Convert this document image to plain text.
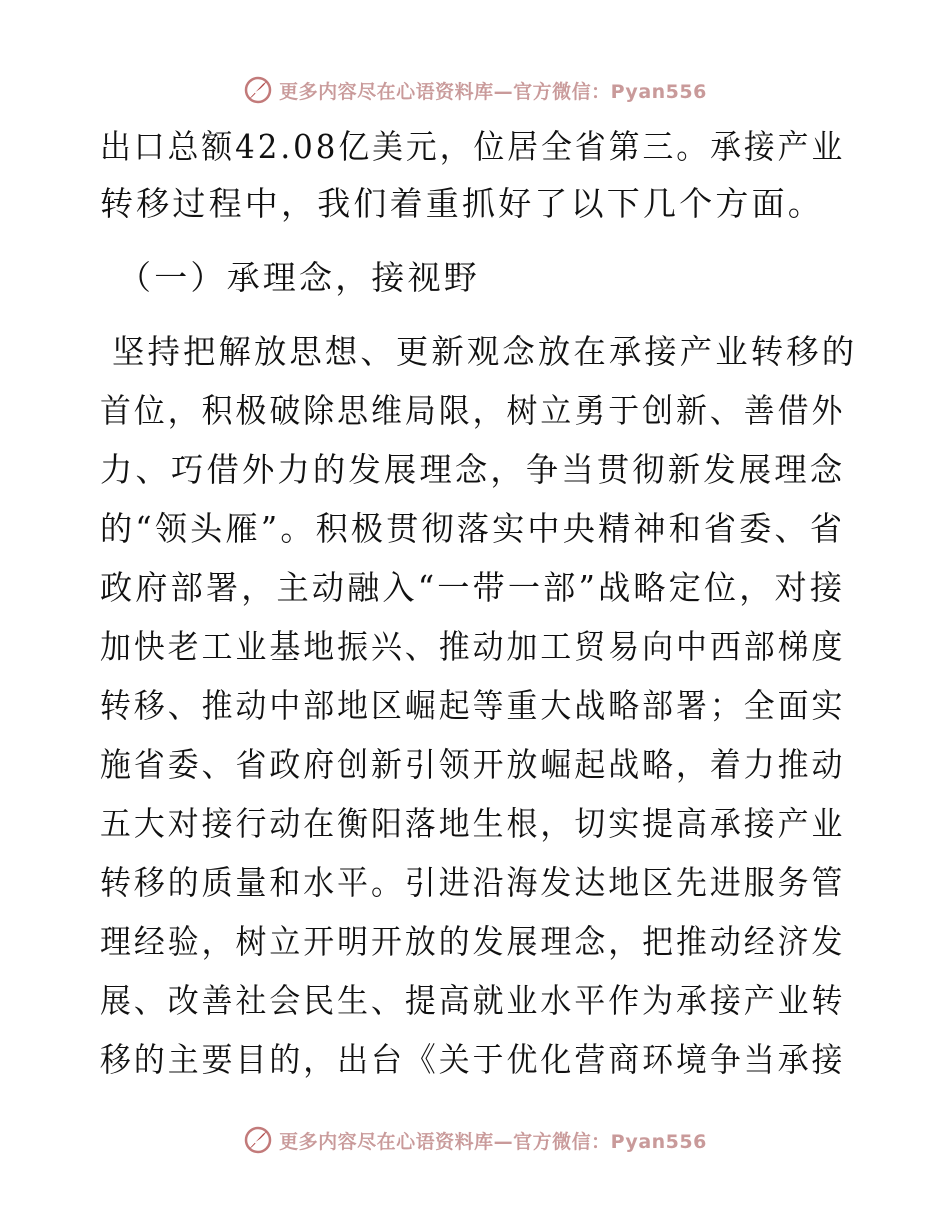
更多内容尽在心语资料库—官方微信：Pyan556
出口总额42.08亿美元，位居全省第三。承接产业
转移过程中，我们着重抓好了以下几个方面。
（一）承理念，接视野
坚持把解放思想、更新观念放在承接产业转移的
首位，积极破除思维局限，树立勇于创新、善借外
力、巧借外力的发展理念，争当贯彻新发展理念
的“领头雁”。积极贯彻落实中央精神和省委、省
政府部署，主动融入“一带一部”战略定位，对接
加快老工业基地振兴、推动加工贸易向中西部梯度
转移、推动中部地区崛起等重大战略部署；全面实
施省委、省政府创新引领开放崛起战略，着力推动
五大对接行动在衡阳落地生根，切实提高承接产业
转移的质量和水平。引进沿海发达地区先进服务管
理经验，树立开明开放的发展理念，把推动经济发
展、改善社会民生、提高就业水平作为承接产业转
移的主要目的，出台《关于优化营商环境争当承接
更多内容尽在心语资料库—官方微信：Pyan556
